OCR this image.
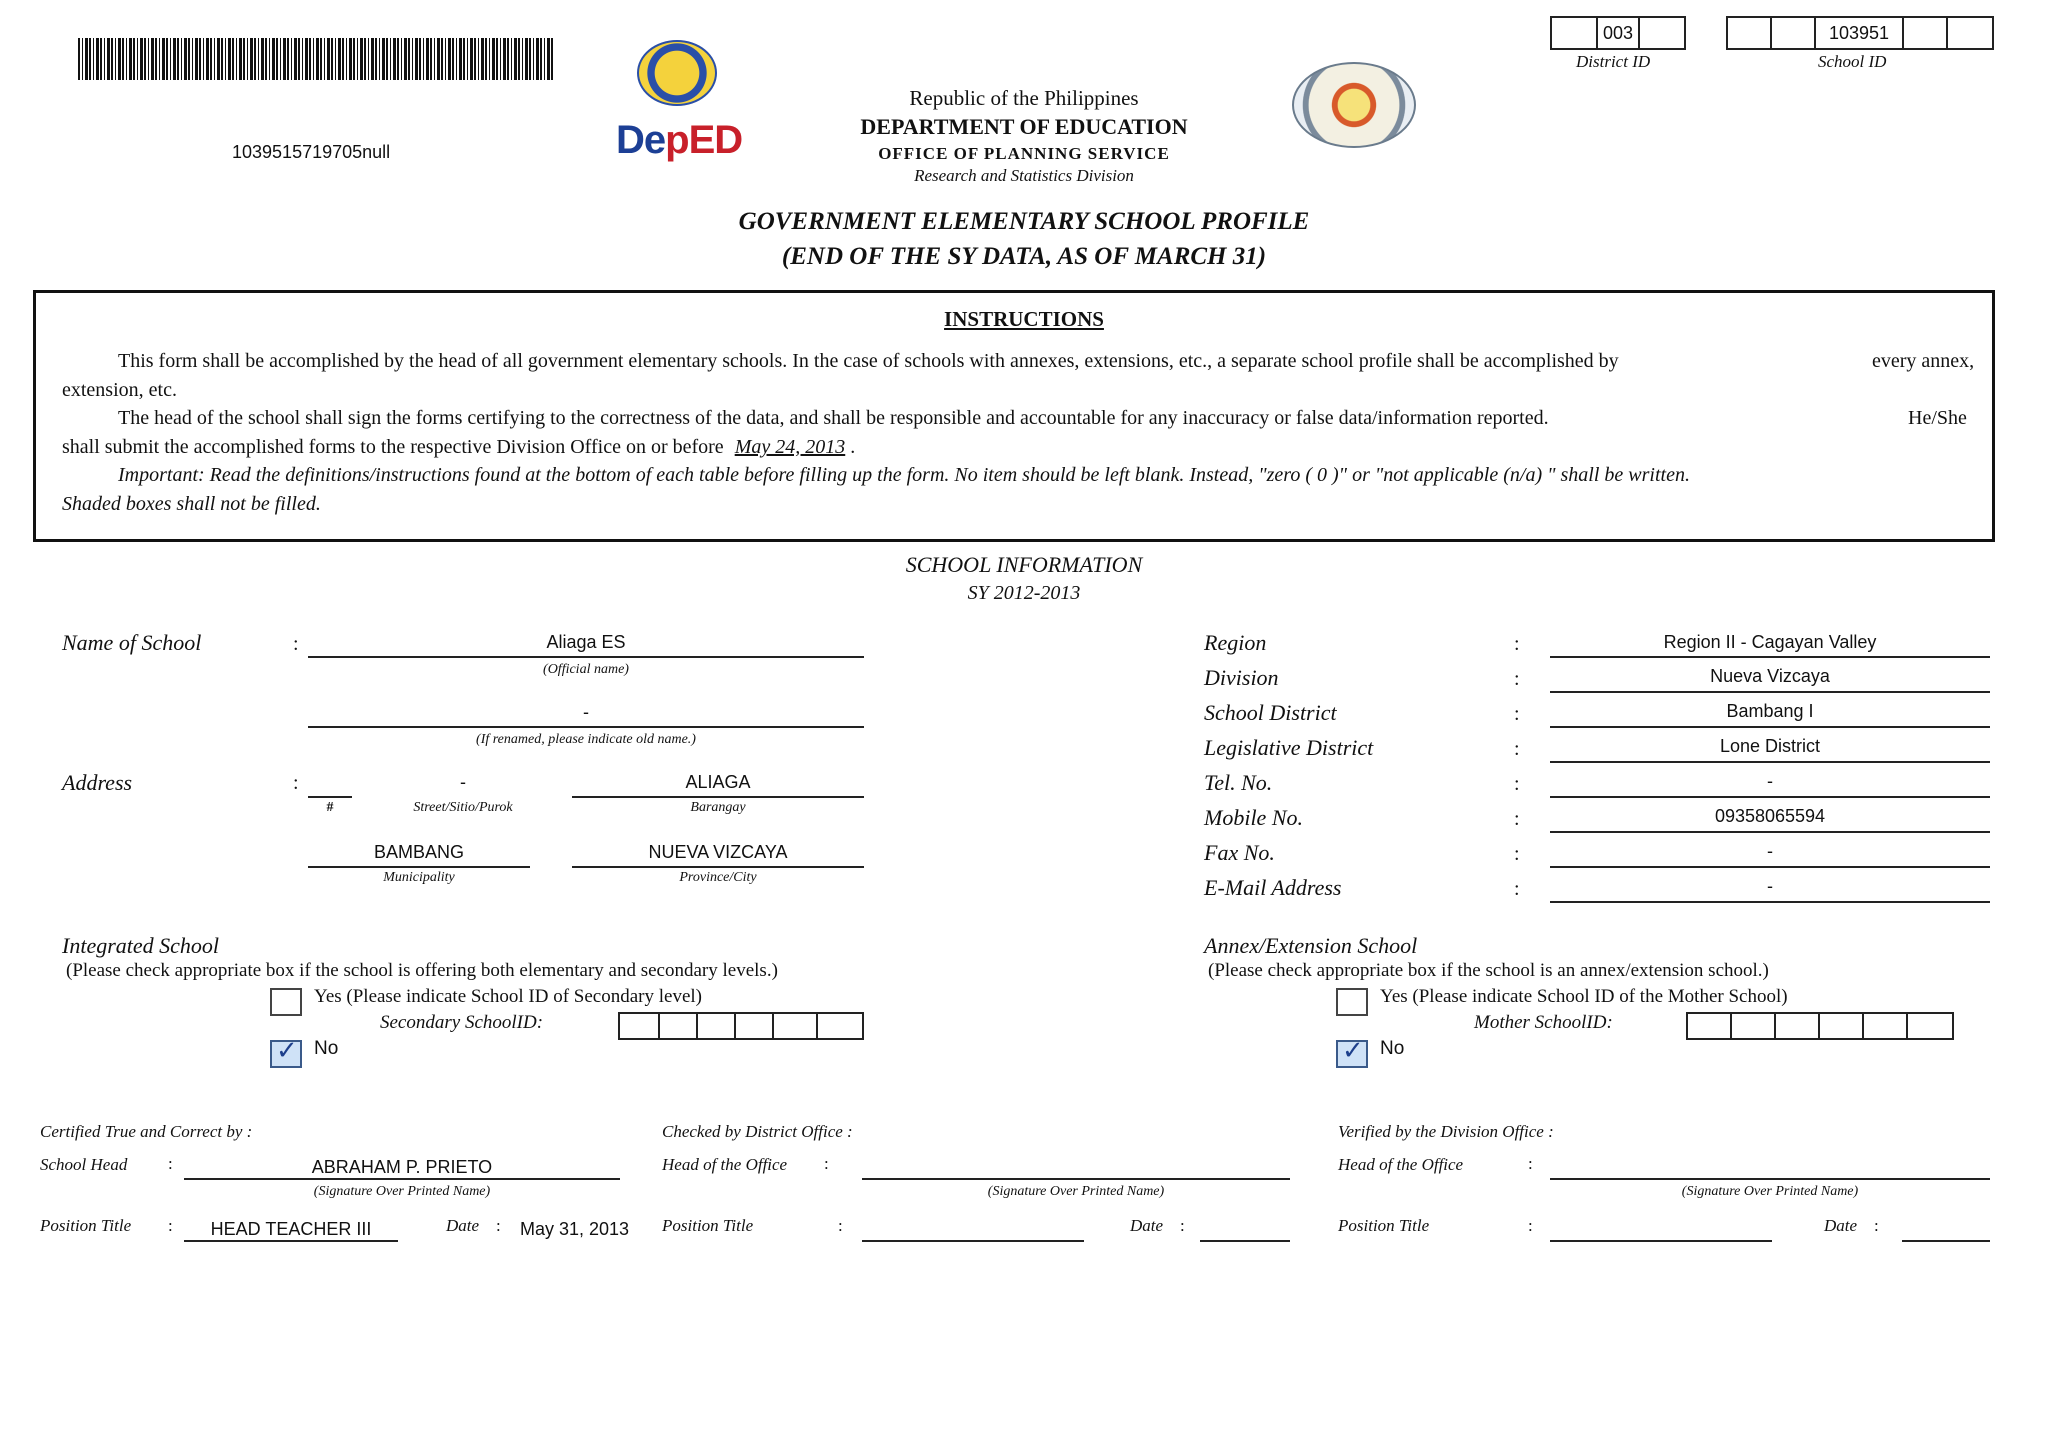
1039515719705null	DepED
003
District ID
103951
School ID
Republic of the Philippines
DEPARTMENT OF EDUCATION
OFFICE OF PLANNING SERVICE
Research and Statistics Division
GOVERNMENT ELEMENTARY SCHOOL PROFILE
(END OF THE SY DATA, AS OF MARCH 31)
INSTRUCTIONS
This form shall be accomplished by the head of all government elementary schools. In the case of schools with annexes, extensions, etc., a separate school profile shall be accomplished by	every annex,
extension, etc.
The head of the school shall sign the forms certifying to the correctness of the data, and shall be responsible and accountable for any inaccuracy or false data/information reported.	He/She
shall submit the accomplished forms to the respective Division Office on or before May 24, 2013 .
Important: Read the definitions/instructions found at the bottom of each table before filling up the form. No item should be left blank. Instead, "zero ( 0 )" or "not applicable (n/a) " shall be written.
Shaded boxes shall not be filled.
SCHOOL INFORMATION
SY 2012-2013
Name of School	:	Aliaga ES
(Official name)
-
(If renamed, please indicate old name.)
Address	:
#
-
Street/Sitio/Purok
ALIAGA
Barangay
BAMBANG
Municipality
NUEVA VIZCAYA
Province/City
Region	:	Region II - Cagayan Valley
Division	:	Nueva Vizcaya
School District	:	Bambang I
Legislative District	:	Lone District
Tel. No.	:	-
Mobile No.	:	09358065594
Fax No.	:	-
E-Mail Address	:	-
Integrated School
(Please check appropriate box if the school is offering both elementary and secondary levels.)
Yes (Please indicate School ID of Secondary level)
Secondary SchoolID:
✓ No
Annex/Extension School
(Please check appropriate box if the school is an annex/extension school.)
Yes (Please indicate School ID of the Mother School)
Mother SchoolID:
✓ No
Certified True and Correct by :
School Head :	ABRAHAM P. PRIETO
(Signature Over Printed Name)
Position Title :	HEAD TEACHER III	Date : May 31, 2013
Checked by District Office :
Head of the Office :
(Signature Over Printed Name)
Position Title	:	Date :
Verified by the Division Office :
Head of the Office	:
(Signature Over Printed Name)
Position Title	:	Date :
